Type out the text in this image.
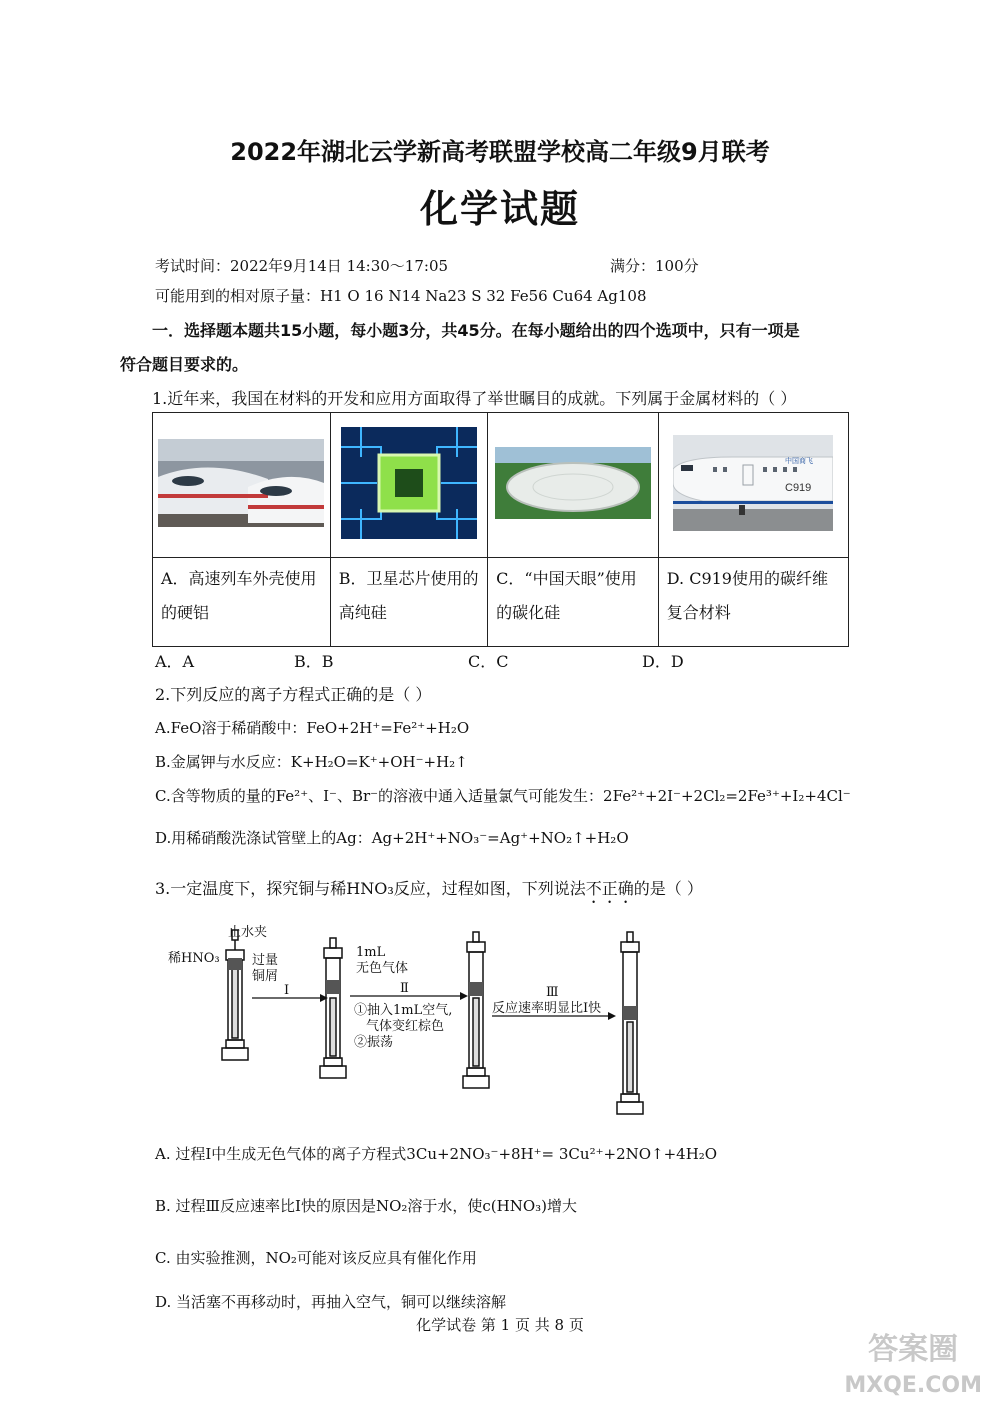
2022年湖北云学新高考联盟学校高二年级9月联考
化学试题
考试时间：2022年9月14日 14:30～17:05	满分：100分
可能用到的相对原子量：H1 O 16 N14 Na23 S 32 Fe56 Cu64 Ag108
一．选择题本题共15小题，每小题3分，共45分。在每小题给出的四个选项中，只有一项是
符合题目要求的。
1.近年来，我国在材料的开发和应用方面取得了举世瞩目的成就。下列属于金属材料的（ ）

C919
中国商飞

A．高速列车外壳使用的硬铝	B．卫星芯片使用的高纯硅	C．“中国天眼”使用的碳化硅	D. C919使用的碳纤维复合材料
A．A	B．B	C．C	D．D
2.下列反应的离子方程式正确的是（ ）
A.FeO溶于稀硝酸中：FeO+2H⁺=Fe²⁺+H₂O
B.金属钾与水反应：K+H₂O=K⁺+OH⁻+H₂↑
C.含等物质的量的Fe²⁺、I⁻、Br⁻的溶液中通入适量氯气可能发生：2Fe²⁺+2I⁻+2Cl₂=2Fe³⁺+I₂+4Cl⁻
D.用稀硝酸洗涤试管壁上的Ag：Ag+2H⁺+NO₃⁻=Ag⁺+NO₂↑+H₂O
3.一定温度下，探究铜与稀HNO₃反应，过程如图，下列说法不正确的是（ ）
止水夹
稀HNO₃ 过量
铜屑
Ⅰ
1mL
无色气体
Ⅱ
①抽入1mL空气,
气体变红棕色
②振荡
Ⅲ
反应速率明显比Ⅰ快
A. 过程Ⅰ中生成无色气体的离子方程式3Cu+2NO₃⁻+8H⁺= 3Cu²⁺+2NO↑+4H₂O
B. 过程Ⅲ反应速率比Ⅰ快的原因是NO₂溶于水，使c(HNO₃)增大
C. 由实验推测，NO₂可能对该反应具有催化作用
D. 当活塞不再移动时，再抽入空气，铜可以继续溶解
化学试卷 第 1 页 共 8 页
答案圈
MXQE.COM
